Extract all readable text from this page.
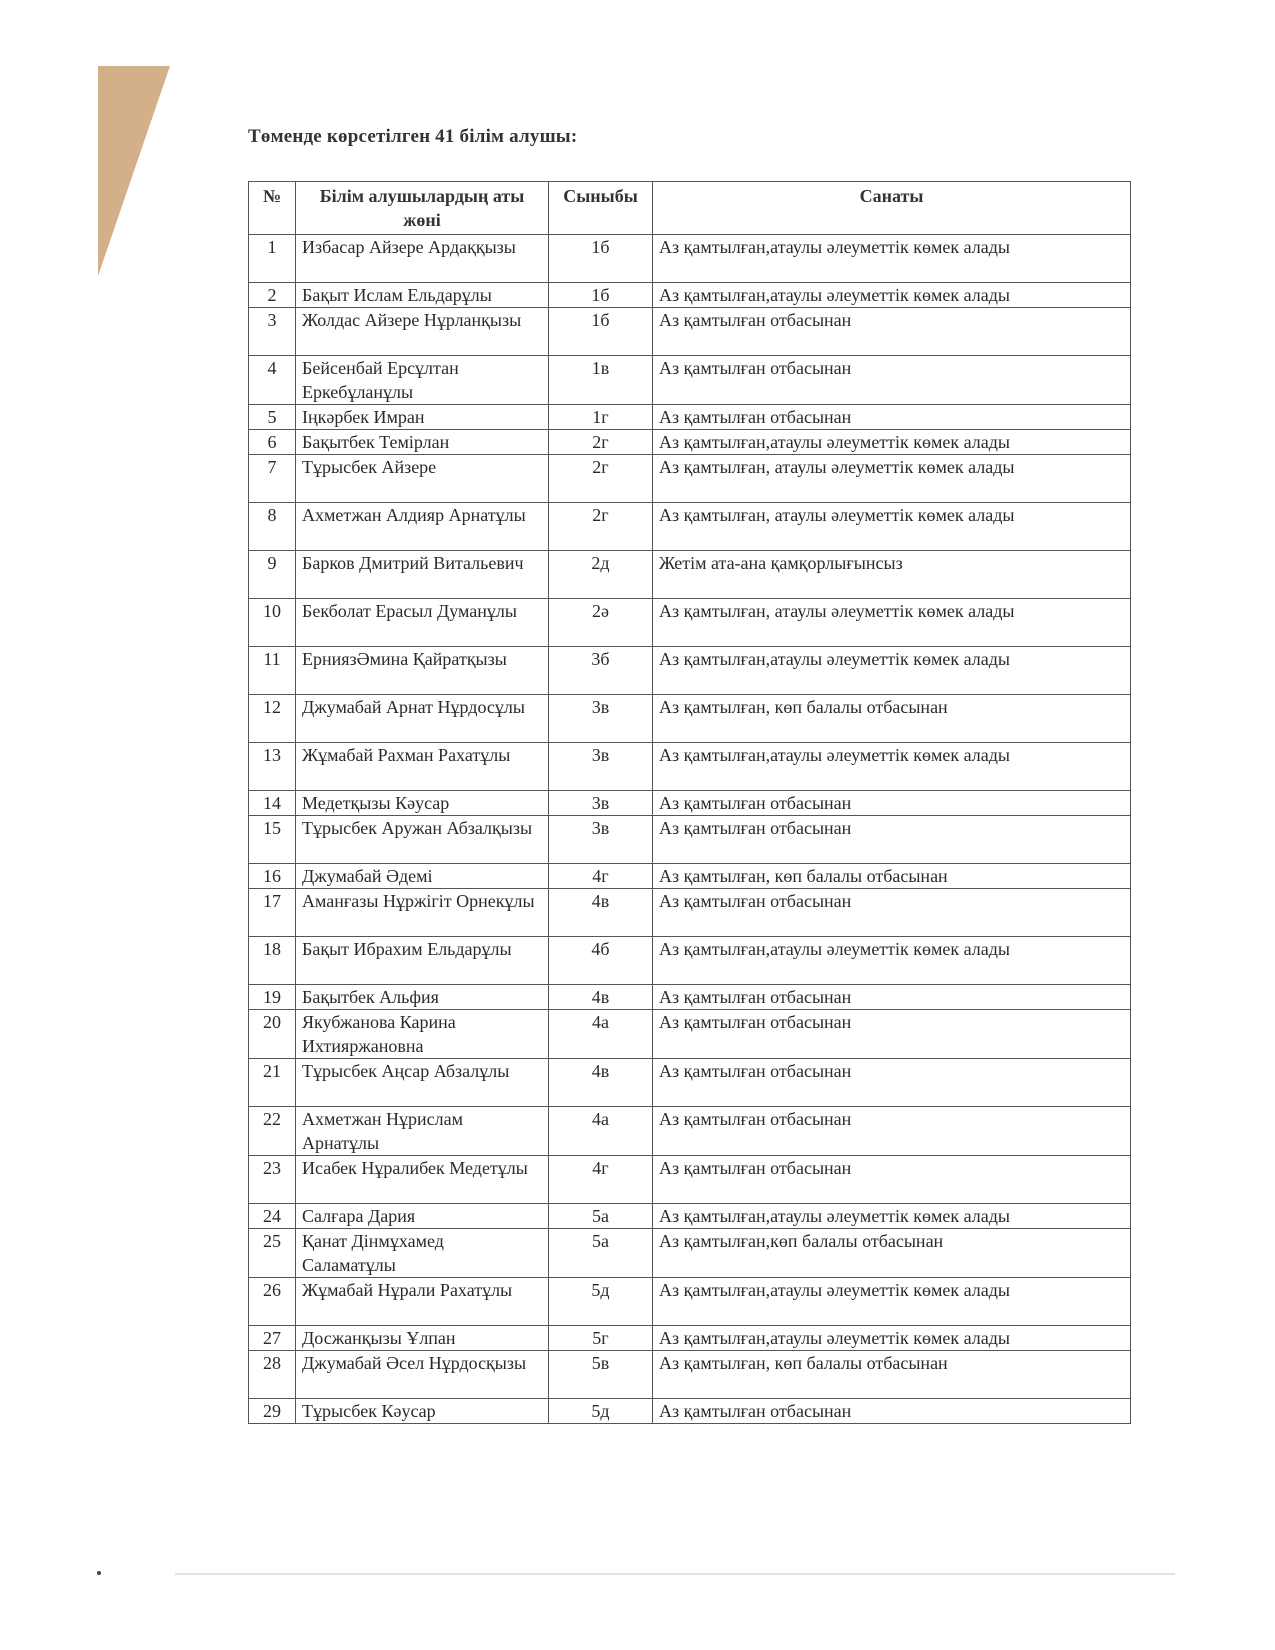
Төменде көрсетілген 41 білім алушы:
№	Білім алушылардың аты жөні	Сыныбы	Санаты
1	Избасар Айзере Ардаққызы	1б	Аз қамтылған,атаулы әлеуметтік көмек алады
2	Бақыт Ислам Ельдарұлы	1б	Аз қамтылған,атаулы әлеуметтік көмек алады
3	Жолдас Айзере Нұрланқызы	1б	Аз қамтылған отбасынан
4	Бейсенбай Ерсұлтан Еркебұланұлы	1в	Аз қамтылған отбасынан
5	Іңкәрбек Имран	1г	Аз қамтылған отбасынан
6	Бақытбек Темірлан	2г	Аз қамтылған,атаулы әлеуметтік көмек алады
7	Тұрысбек Айзере	2г	Аз қамтылған, атаулы әлеуметтік көмек алады
8	Ахметжан Алдияр Арнатұлы	2г	Аз қамтылған, атаулы әлеуметтік көмек алады
9	Барков Дмитрий Витальевич	2д	Жетім ата-ана қамқорлығынсыз
10	Бекболат Ерасыл Думанұлы	2ә	Аз қамтылған, атаулы әлеуметтік көмек алады
11	ЕрниязӘмина Қайратқызы	3б	Аз қамтылған,атаулы әлеуметтік көмек алады
12	Джумабай Арнат Нұрдосұлы	3в	Аз қамтылған, көп балалы отбасынан
13	Жұмабай Рахман Рахатұлы	3в	Аз қамтылған,атаулы әлеуметтік көмек алады
14	Медетқызы Кәусар	3в	Аз қамтылған отбасынан
15	Тұрысбек Аружан Абзалқызы	3в	Аз қамтылған отбасынан
16	Джумабай Әдемі	4г	Аз қамтылған, көп балалы отбасынан
17	Аманғазы Нұржігіт Орнекұлы	4в	Аз қамтылған отбасынан
18	Бақыт Ибрахим Ельдарұлы	4б	Аз қамтылған,атаулы әлеуметтік көмек алады
19	Бақытбек Альфия	4в	Аз қамтылған отбасынан
20	Якубжанова Карина Ихтияржановна	4а	Аз қамтылған отбасынан
21	Тұрысбек Аңсар Абзалұлы	4в	Аз қамтылған отбасынан
22	Ахметжан Нұрислам Арнатұлы	4а	Аз қамтылған отбасынан
23	Исабек Нұралибек Медетұлы	4г	Аз қамтылған отбасынан
24	Салғара Дария	5а	Аз қамтылған,атаулы әлеуметтік көмек алады
25	Қанат Дінмұхамед Саламатұлы	5а	Аз қамтылған,көп балалы отбасынан
26	Жұмабай Нұрали Рахатұлы	5д	Аз қамтылған,атаулы әлеуметтік көмек алады
27	Досжанқызы Ұлпан	5г	Аз қамтылған,атаулы әлеуметтік көмек алады
28	Джумабай Әсел Нұрдосқызы	5в	Аз қамтылған, көп балалы отбасынан
29	Тұрысбек Кәусар	5д	Аз қамтылған отбасынан
